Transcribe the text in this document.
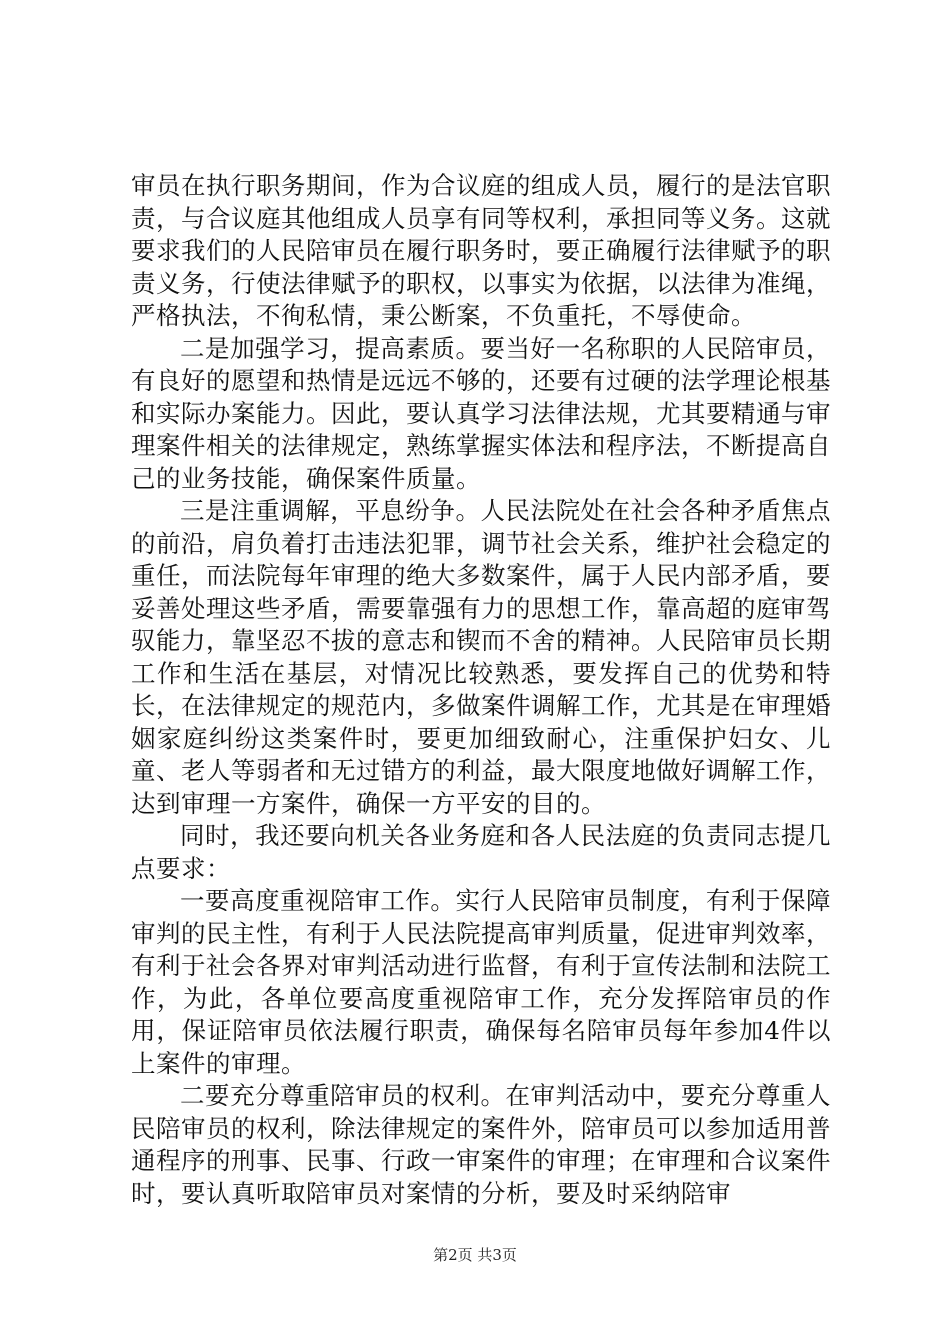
审员在执行职务期间，作为合议庭的组成人员，履行的是法官职责，与合议庭其他组成人员享有同等权利，承担同等义务。这就要求我们的人民陪审员在履行职务时，要正确履行法律赋予的职责义务，行使法律赋予的职权，以事实为依据，以法律为准绳，严格执法，不徇私情，秉公断案，不负重托，不辱使命。

二是加强学习，提高素质。要当好一名称职的人民陪审员，有良好的愿望和热情是远远不够的，还要有过硬的法学理论根基和实际办案能力。因此，要认真学习法律法规，尤其要精通与审理案件相关的法律规定，熟练掌握实体法和程序法，不断提高自己的业务技能，确保案件质量。

三是注重调解，平息纷争。人民法院处在社会各种矛盾焦点的前沿，肩负着打击违法犯罪，调节社会关系，维护社会稳定的重任，而法院每年审理的绝大多数案件，属于人民内部矛盾，要妥善处理这些矛盾，需要靠强有力的思想工作，靠高超的庭审驾驭能力，靠坚忍不拔的意志和锲而不舍的精神。人民陪审员长期工作和生活在基层，对情况比较熟悉，要发挥自己的优势和特长，在法律规定的规范内，多做案件调解工作，尤其是在审理婚姻家庭纠纷这类案件时，要更加细致耐心，注重保护妇女、儿童、老人等弱者和无过错方的利益，最大限度地做好调解工作，达到审理一方案件，确保一方平安的目的。

同时，我还要向机关各业务庭和各人民法庭的负责同志提几点要求：

一要高度重视陪审工作。实行人民陪审员制度，有利于保障审判的民主性，有利于人民法院提高审判质量，促进审判效率，有利于社会各界对审判活动进行监督，有利于宣传法制和法院工作，为此，各单位要高度重视陪审工作，充分发挥陪审员的作用，保证陪审员依法履行职责，确保每名陪审员每年参加4件以上案件的审理。

二要充分尊重陪审员的权利。在审判活动中，要充分尊重人民陪审员的权利，除法律规定的案件外，陪审员可以参加适用普通程序的刑事、民事、行政一审案件的审理；在审理和合议案件时，要认真听取陪审员对案情的分析，要及时采纳陪审

第2页 共3页
